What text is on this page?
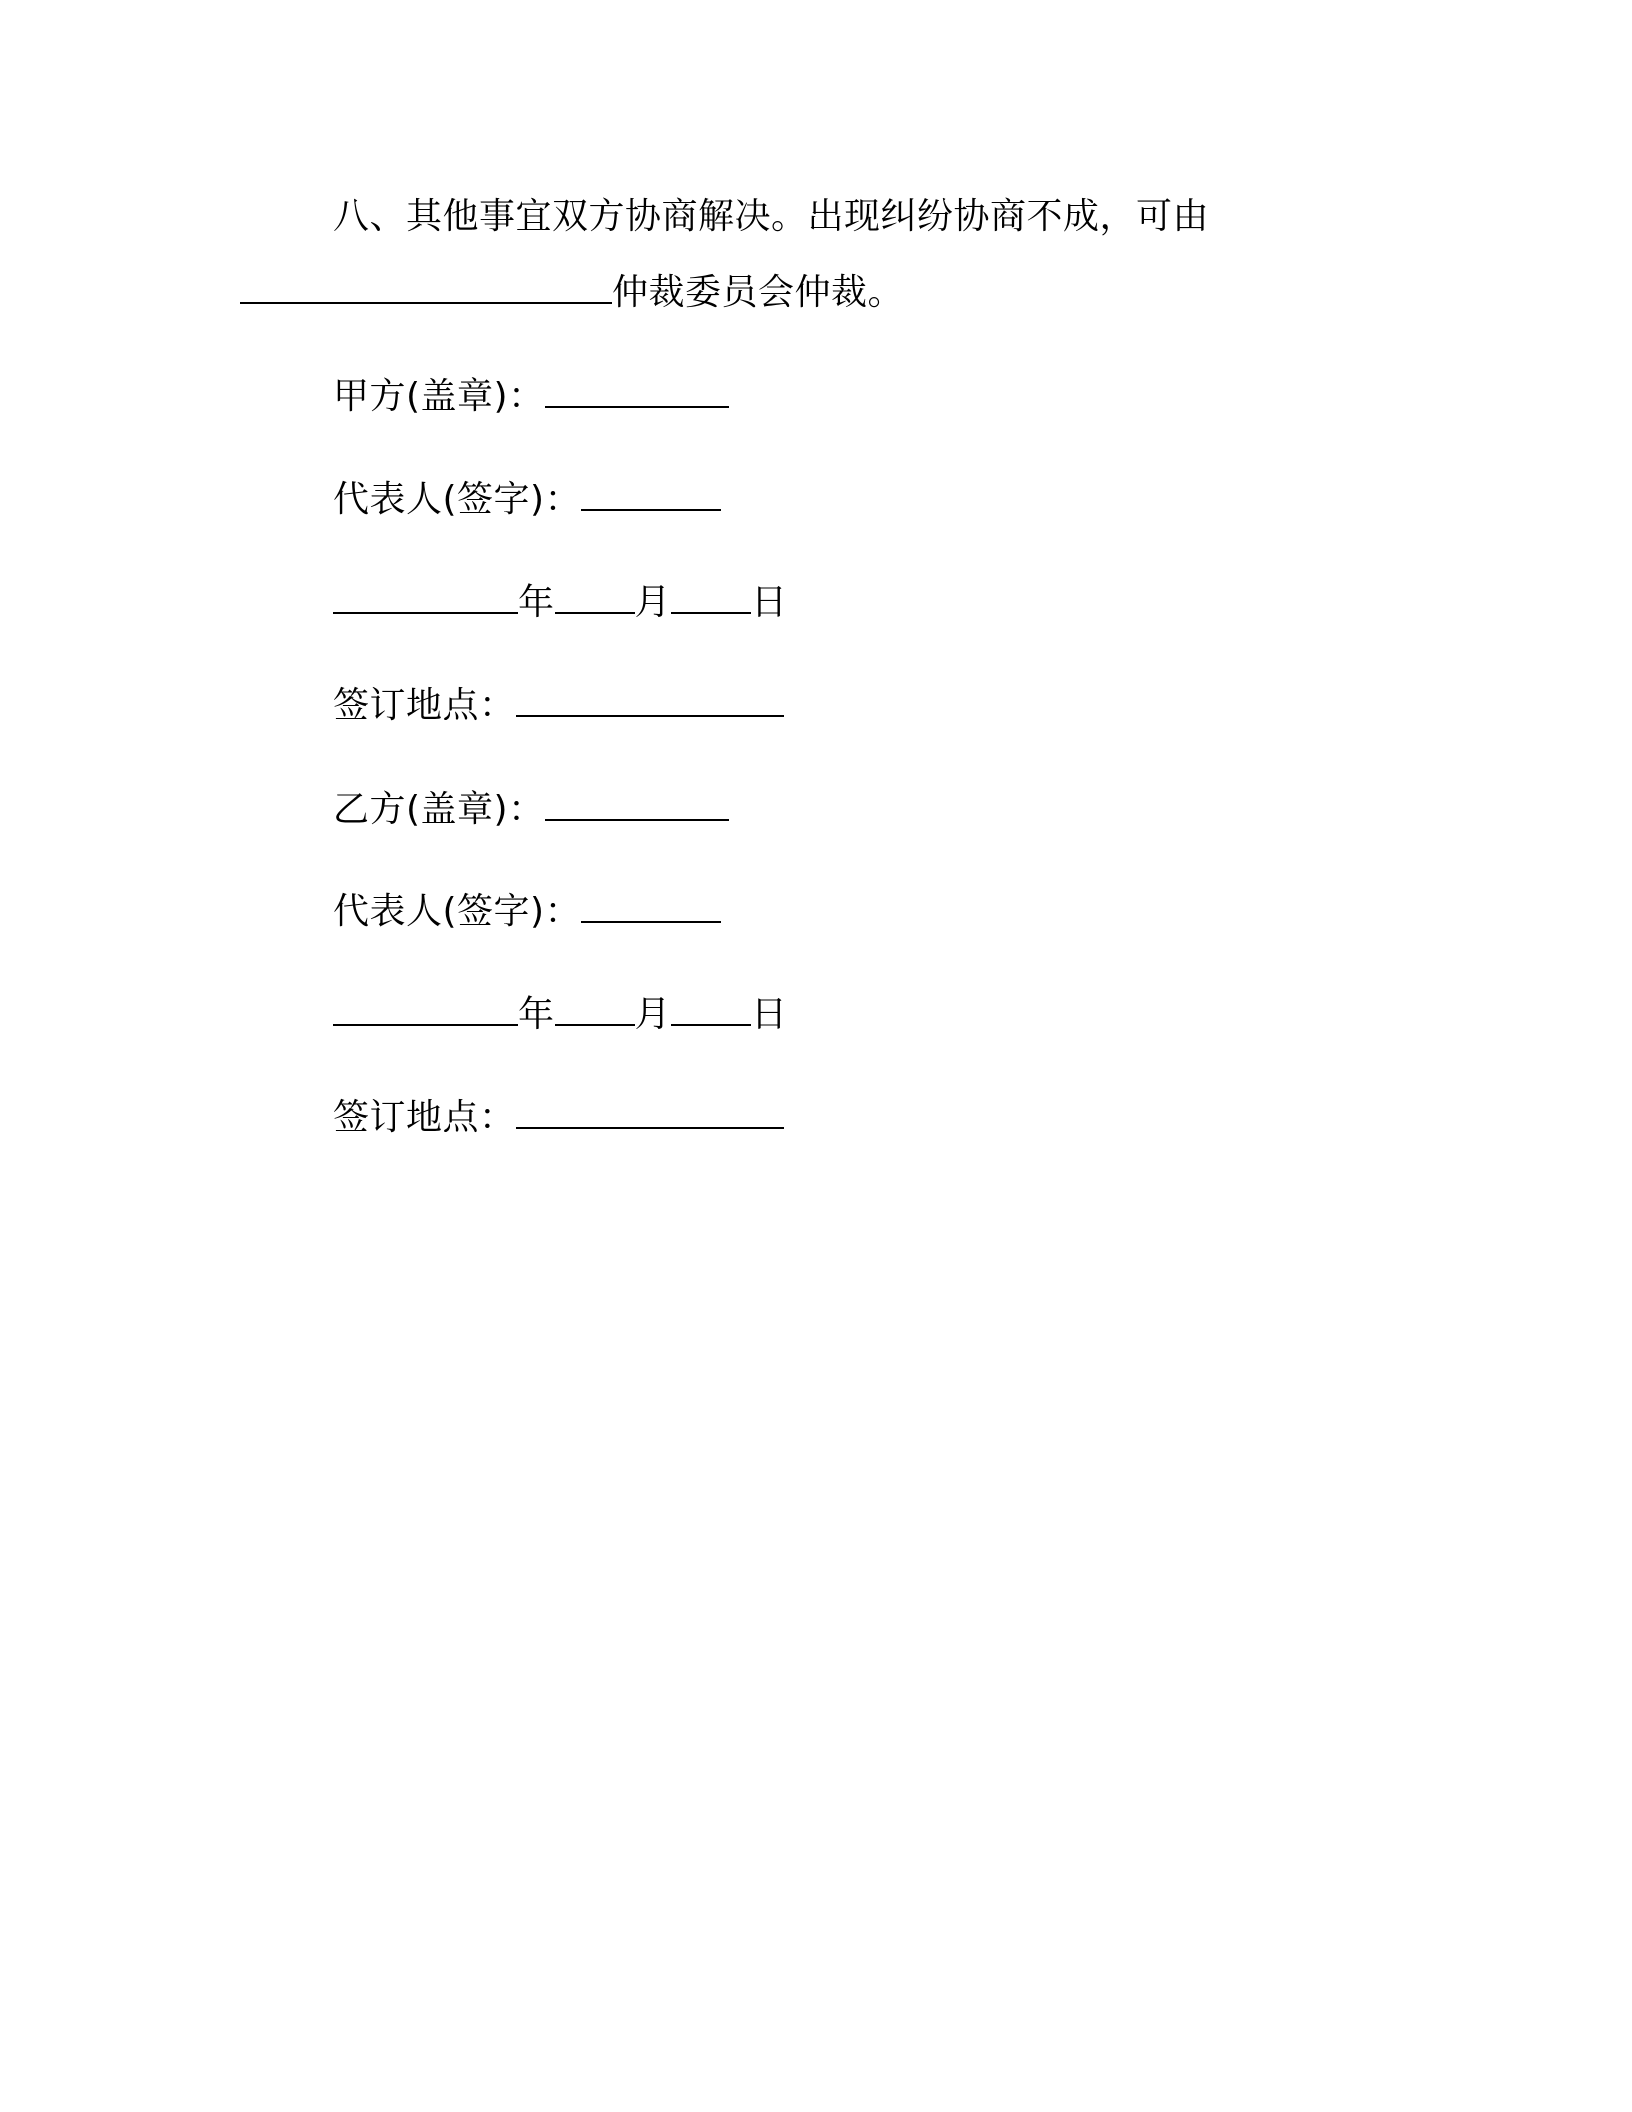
八、其他事宜双方协商解决。出现纠纷协商不成，可由
仲裁委员会仲裁。
甲方(盖章)：
代表人(签字)：
年 月 日
签订地点：
乙方(盖章)：
代表人(签字)：
年 月 日
签订地点：
